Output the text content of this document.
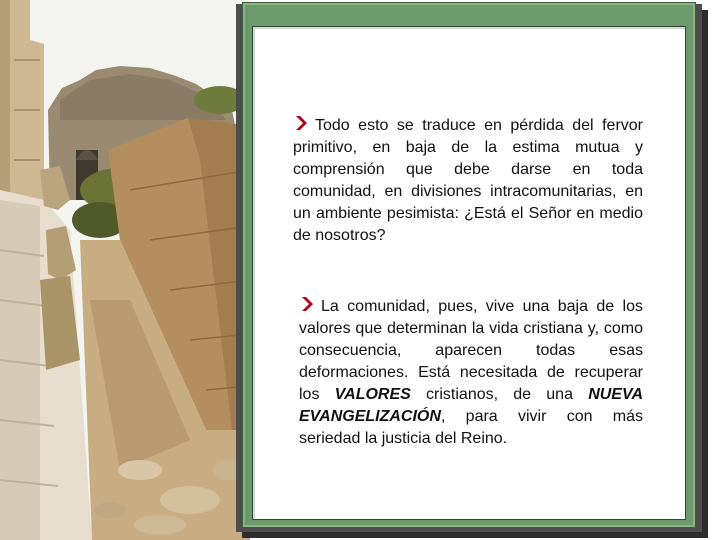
Todo esto se traduce en pérdida del fervor primitivo, en baja de la estima mutua y comprensión que debe darse en toda comunidad, en divisiones intracomunitarias, en un ambiente pesimista: ¿Está el Señor en medio de nosotros?

La comunidad, pues, vive una baja de los valores que determinan la vida cristiana y, como consecuencia, aparecen todas esas deformaciones. Está necesitada de recuperar los VALORES cristianos, de una NUEVA EVANGELIZACIÓN, para vivir con más seriedad la justicia del Reino.
